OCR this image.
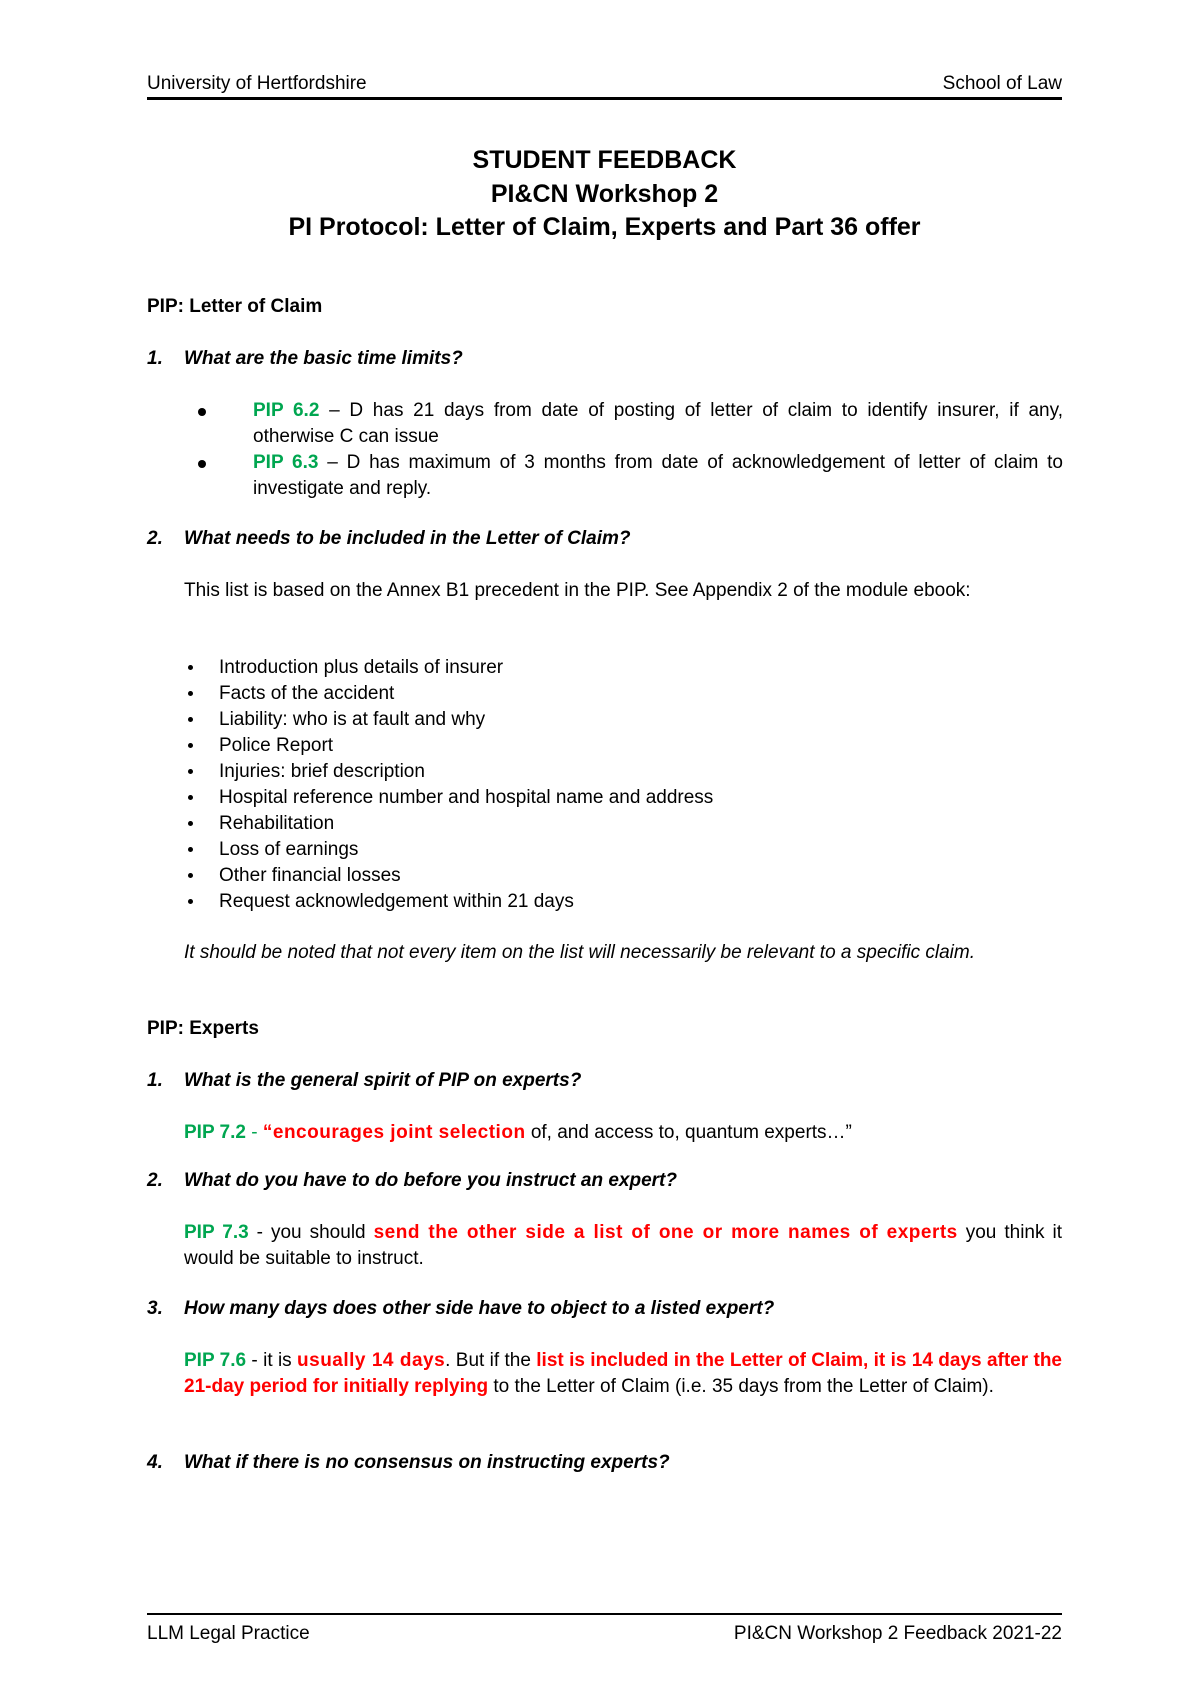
University of Hertfordshire	School of Law
STUDENT FEEDBACK
PI&CN Workshop 2
PI Protocol: Letter of Claim, Experts and Part 36 offer
PIP: Letter of Claim
1. What are the basic time limits?
PIP 6.2 – D has 21 days from date of posting of letter of claim to identify insurer, if any, otherwise C can issue
PIP 6.3 – D has maximum of 3 months from date of acknowledgement of letter of claim to investigate and reply.
2. What needs to be included in the Letter of Claim?
This list is based on the Annex B1 precedent in the PIP. See Appendix 2 of the module ebook:
Introduction plus details of insurer
Facts of the accident
Liability: who is at fault and why
Police Report
Injuries: brief description
Hospital reference number and hospital name and address
Rehabilitation
Loss of earnings
Other financial losses
Request acknowledgement within 21 days
It should be noted that not every item on the list will necessarily be relevant to a specific claim.
PIP: Experts
1. What is the general spirit of PIP on experts?
PIP 7.2 - “encourages joint selection of, and access to, quantum experts…”
2. What do you have to do before you instruct an expert?
PIP 7.3 - you should send the other side a list of one or more names of experts you think it would be suitable to instruct.
3. How many days does other side have to object to a listed expert?
PIP 7.6 - it is usually 14 days. But if the list is included in the Letter of Claim, it is 14 days after the 21-day period for initially replying to the Letter of Claim (i.e. 35 days from the Letter of Claim).
4. What if there is no consensus on instructing experts?
LLM Legal Practice	PI&CN Workshop 2 Feedback 2021-22
